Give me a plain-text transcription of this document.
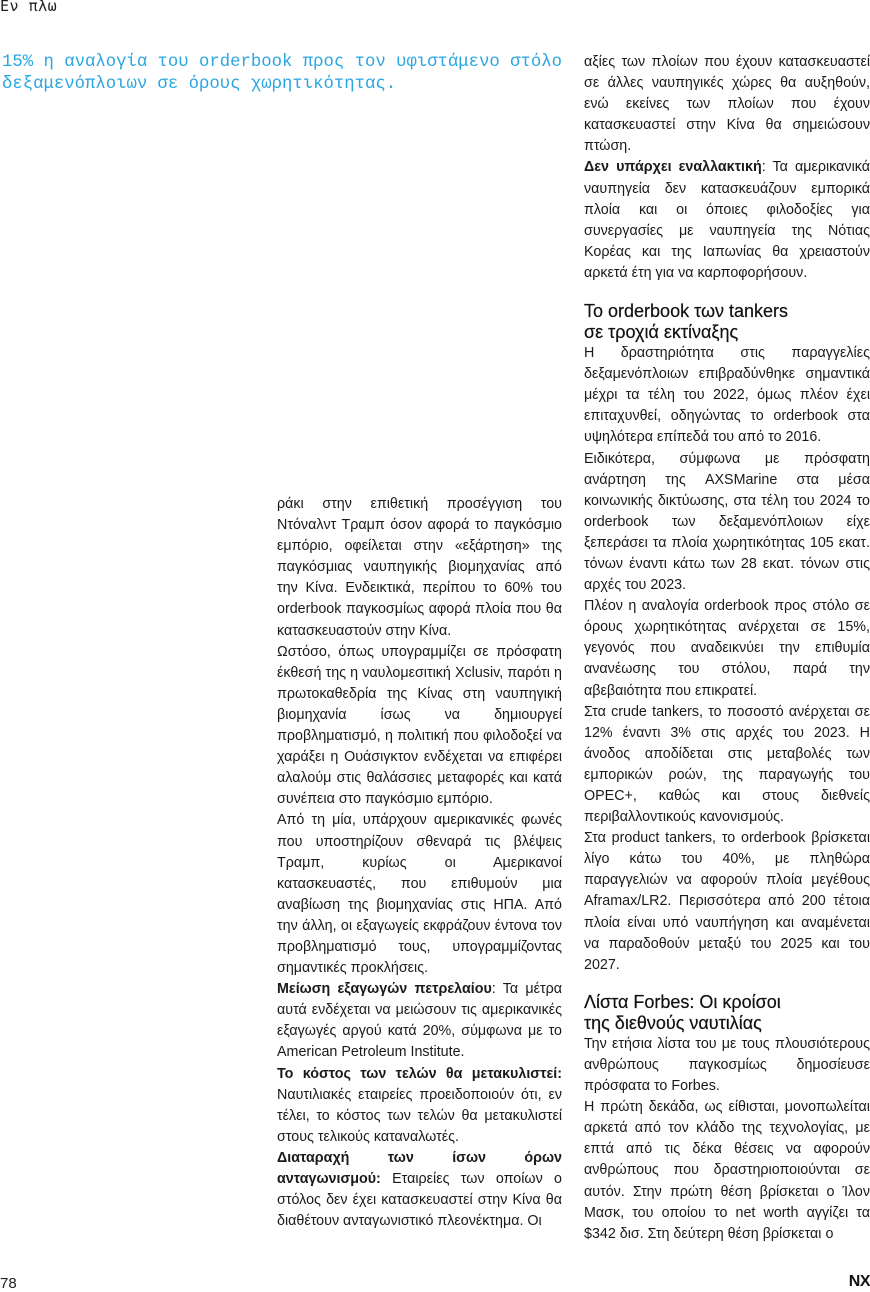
Εν πλω
15% η αναλογία του orderbook προς τον υφιστάμενο στόλο
δεξαμενόπλοιων σε όρους χωρητικότητας.

ράκι στην επιθετική προσέγγιση του Ντόναλντ Τραμπ όσον αφορά το παγκόσμιο εμπόριο, οφείλεται στην «εξάρτηση» της παγκόσμιας ναυπηγικής βιομηχανίας από την Κίνα. Ενδεικτικά, περίπου το 60% του orderbook παγκοσμίως αφορά πλοία που θα κατασκευαστούν στην Κίνα.

Ωστόσο, όπως υπογραμμίζει σε πρόσφατη έκθεσή της η ναυλομεσιτική Xclusiv, παρότι η πρωτοκαθεδρία της Κίνας στη ναυπηγική βιομηχανία ίσως να δημιουργεί προβληματισμό, η πολιτική που φιλοδοξεί να χαράξει η Ουάσιγκτον ενδέχεται να επιφέρει αλαλούμ στις θαλάσσιες μεταφορές και κατά συνέπεια στο παγκόσμιο εμπόριο.

Από τη μία, υπάρχουν αμερικανικές φωνές που υποστηρίζουν σθεναρά τις βλέψεις Τραμπ, κυρίως οι Αμερικανοί κατασκευαστές, που επιθυμούν μια αναβίωση της βιομηχανίας στις ΗΠΑ. Από την άλλη, οι εξαγωγείς εκφράζουν έντονα τον προβληματισμό τους, υπογραμμίζοντας σημαντικές προκλήσεις.

Μείωση εξαγωγών πετρελαίου: Τα μέτρα αυτά ενδέχεται να μειώσουν τις αμερικανικές εξαγωγές αργού κατά 20%, σύμφωνα με το American Petroleum Institute.

Το κόστος των τελών θα μετακυλιστεί: Ναυτιλιακές εταιρείες προειδοποιούν ότι, εν τέλει, το κόστος των τελών θα μετακυλιστεί στους τελικούς καταναλωτές.

Διαταραχή των ίσων όρων ανταγωνισμού: Εταιρείες των οποίων ο στόλος δεν έχει κατασκευαστεί στην Κίνα θα διαθέτουν ανταγωνιστικό πλεονέκτημα. Οι

αξίες των πλοίων που έχουν κατασκευαστεί σε άλλες ναυπηγικές χώρες θα αυξηθούν, ενώ εκείνες των πλοίων που έχουν κατασκευαστεί στην Κίνα θα σημειώσουν πτώση.

Δεν υπάρχει εναλλακτική: Τα αμερικανικά ναυπηγεία δεν κατασκευάζουν εμπορικά πλοία και οι όποιες φιλοδοξίες για συνεργασίες με ναυπηγεία της Νότιας Κορέας και της Ιαπωνίας θα χρειαστούν αρκετά έτη για να καρποφορήσουν.

Το orderbook των tankers
σε τροχιά εκτίναξης

Η δραστηριότητα στις παραγγελίες δεξαμενόπλοιων επιβραδύνθηκε σημαντικά μέχρι τα τέλη του 2022, όμως πλέον έχει επιταχυνθεί, οδηγώντας το orderbook στα υψηλότερα επίπεδά του από το 2016.

Ειδικότερα, σύμφωνα με πρόσφατη ανάρτηση της AXSMarine στα μέσα κοινωνικής δικτύωσης, στα τέλη του 2024 το orderbook των δεξαμενόπλοιων είχε ξεπεράσει τα πλοία χωρητικότητας 105 εκατ. τόνων έναντι κάτω των 28 εκατ. τόνων στις αρχές του 2023.

Πλέον η αναλογία orderbook προς στόλο σε όρους χωρητικότητας ανέρχεται σε 15%, γεγονός που αναδεικνύει την επιθυμία ανανέωσης του στόλου, παρά την αβεβαιότητα που επικρατεί.

Στα crude tankers, το ποσοστό ανέρχεται σε 12% έναντι 3% στις αρχές του 2023. Η άνοδος αποδίδεται στις μεταβολές των εμπορικών ροών, της παραγωγής του OPEC+, καθώς και στους διεθνείς περιβαλλοντικούς κανονισμούς.

Στα product tankers, το orderbook βρίσκεται λίγο κάτω του 40%, με πληθώρα παραγγελιών να αφορούν πλοία μεγέθους Aframax/LR2. Περισσότερα από 200 τέτοια πλοία είναι υπό ναυπήγηση και αναμένεται να παραδοθούν μεταξύ του 2025 και του 2027.

Λίστα Forbes: Οι κροίσοι
της διεθνούς ναυτιλίας

Την ετήσια λίστα του με τους πλουσιότερους ανθρώπους παγκοσμίως δημοσίευσε πρόσφατα το Forbes.

Η πρώτη δεκάδα, ως είθισται, μονοπωλείται αρκετά από τον κλάδο της τεχνολογίας, με επτά από τις δέκα θέσεις να αφορούν ανθρώπους που δραστηριοποιούνται σε αυτόν. Στην πρώτη θέση βρίσκεται ο Ίλον Μασκ, του οποίου το net worth αγγίζει τα $342 δισ. Στη δεύτερη θέση βρίσκεται ο

78	NX
